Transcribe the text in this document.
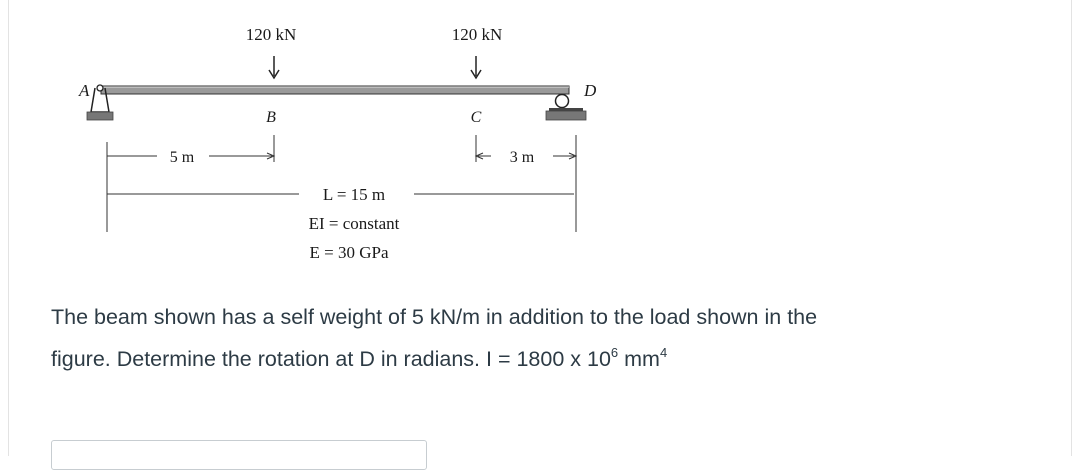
120 kN	120 kN
A
B	C
D
5 m	3 m
L = 15 m
EI = constant
E = 30 GPa
The beam shown has a self weight of 5 kN/m in addition to the load shown in the
figure. Determine the rotation at D in radians. I = 1800 x $10^6$ $mm^4$
